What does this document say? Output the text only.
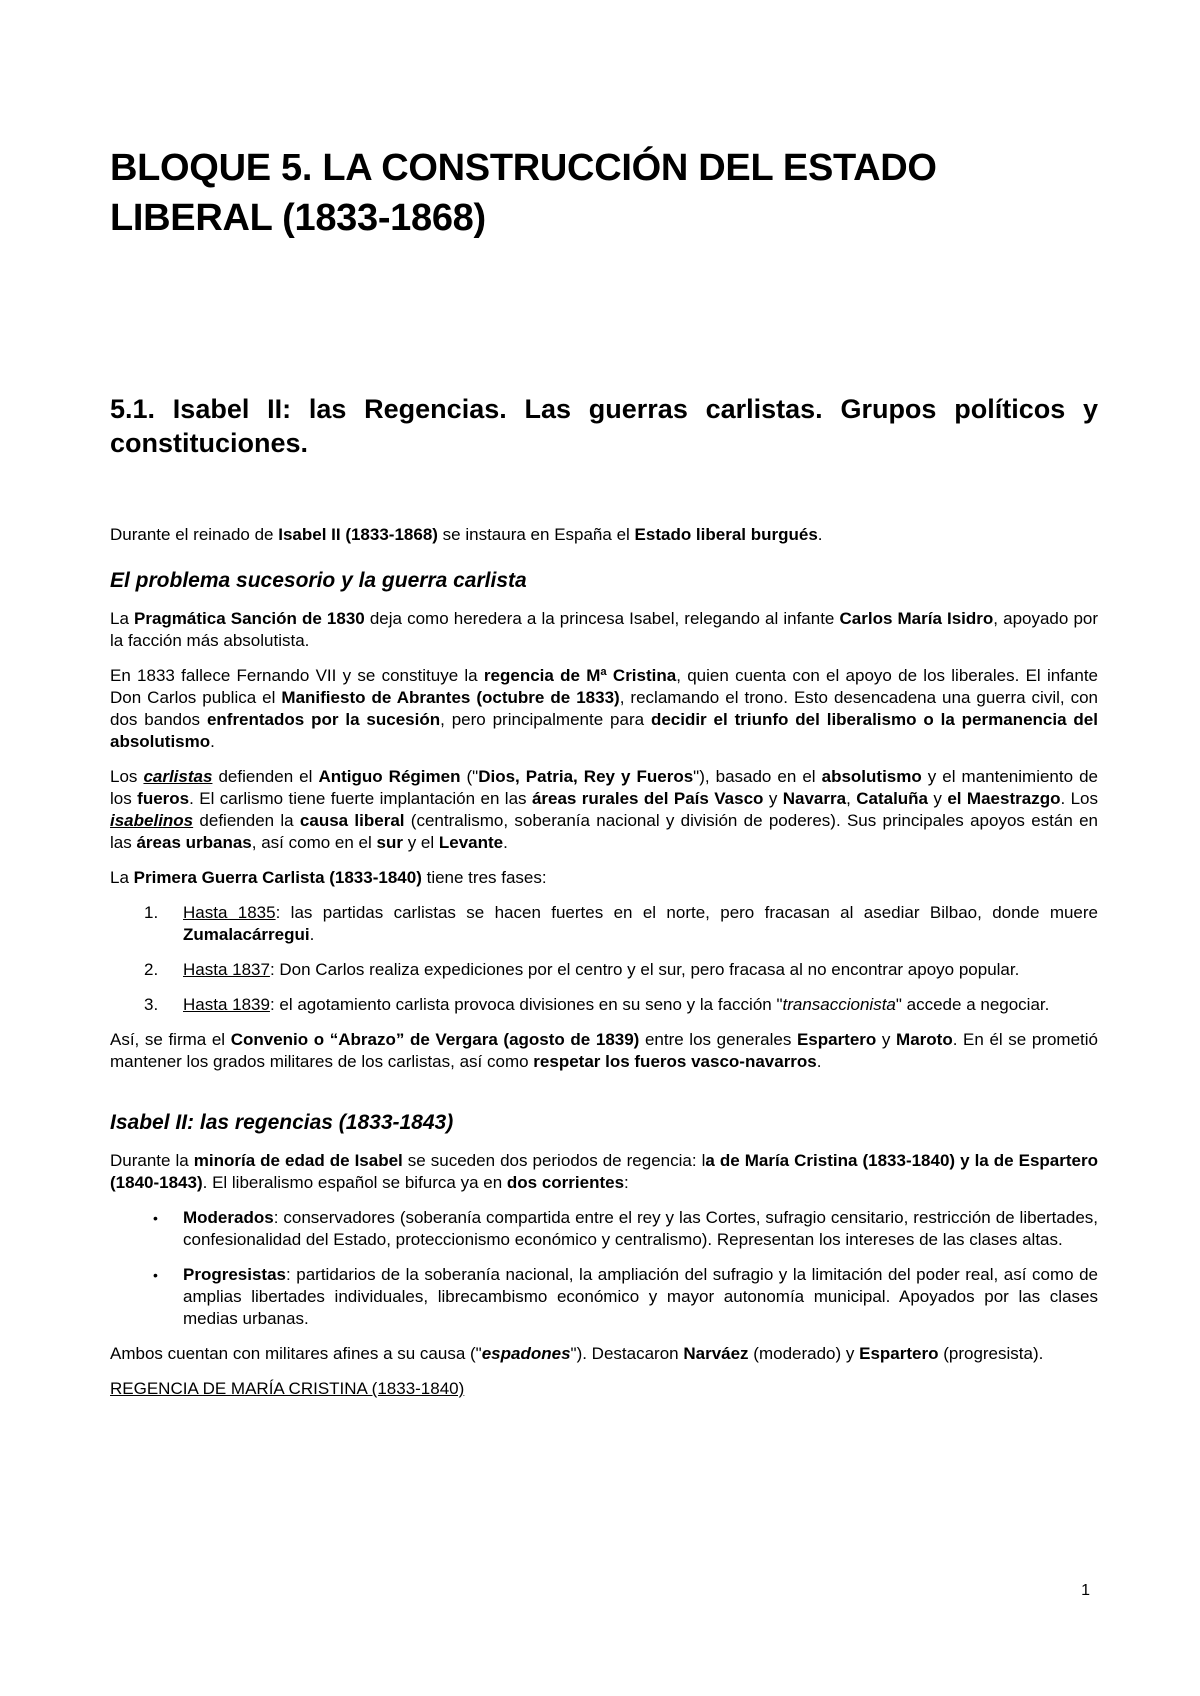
BLOQUE 5. LA CONSTRUCCIÓN DEL ESTADO LIBERAL (1833-1868)
5.1. Isabel II: las Regencias. Las guerras carlistas. Grupos políticos y constituciones.

Durante el reinado de Isabel II (1833-1868) se instaura en España el Estado liberal burgués.

El problema sucesorio y la guerra carlista

La Pragmática Sanción de 1830 deja como heredera a la princesa Isabel, relegando al infante Carlos María Isidro, apoyado por la facción más absolutista.

En 1833 fallece Fernando VII y se constituye la regencia de Mª Cristina, quien cuenta con el apoyo de los liberales. El infante Don Carlos publica el Manifiesto de Abrantes (octubre de 1833), reclamando el trono. Esto desencadena una guerra civil, con dos bandos enfrentados por la sucesión, pero principalmente para decidir el triunfo del liberalismo o la permanencia del absolutismo.

Los carlistas defienden el Antiguo Régimen ("Dios, Patria, Rey y Fueros"), basado en el absolutismo y el mantenimiento de los fueros. El carlismo tiene fuerte implantación en las áreas rurales del País Vasco y Navarra, Cataluña y el Maestrazgo. Los isabelinos defienden la causa liberal (centralismo, soberanía nacional y división de poderes). Sus principales apoyos están en las áreas urbanas, así como en el sur y el Levante.

La Primera Guerra Carlista (1833-1840) tiene tres fases:

1. Hasta 1835: las partidas carlistas se hacen fuertes en el norte, pero fracasan al asediar Bilbao, donde muere Zumalacárregui.
2. Hasta 1837: Don Carlos realiza expediciones por el centro y el sur, pero fracasa al no encontrar apoyo popular.
3. Hasta 1839: el agotamiento carlista provoca divisiones en su seno y la facción "transaccionista" accede a negociar.

Así, se firma el Convenio o “Abrazo” de Vergara (agosto de 1839) entre los generales Espartero y Maroto. En él se prometió mantener los grados militares de los carlistas, así como respetar los fueros vasco-navarros.

Isabel II: las regencias (1833-1843)

Durante la minoría de edad de Isabel se suceden dos periodos de regencia: la de María Cristina (1833-1840) y la de Espartero (1840-1843). El liberalismo español se bifurca ya en dos corrientes:

• Moderados: conservadores (soberanía compartida entre el rey y las Cortes, sufragio censitario, restricción de libertades, confesionalidad del Estado, proteccionismo económico y centralismo). Representan los intereses de las clases altas.
• Progresistas: partidarios de la soberanía nacional, la ampliación del sufragio y la limitación del poder real, así como de amplias libertades individuales, librecambismo económico y mayor autonomía municipal. Apoyados por las clases medias urbanas.

Ambos cuentan con militares afines a su causa ("espadones"). Destacaron Narváez (moderado) y Espartero (progresista).

REGENCIA DE MARÍA CRISTINA (1833-1840)

1
